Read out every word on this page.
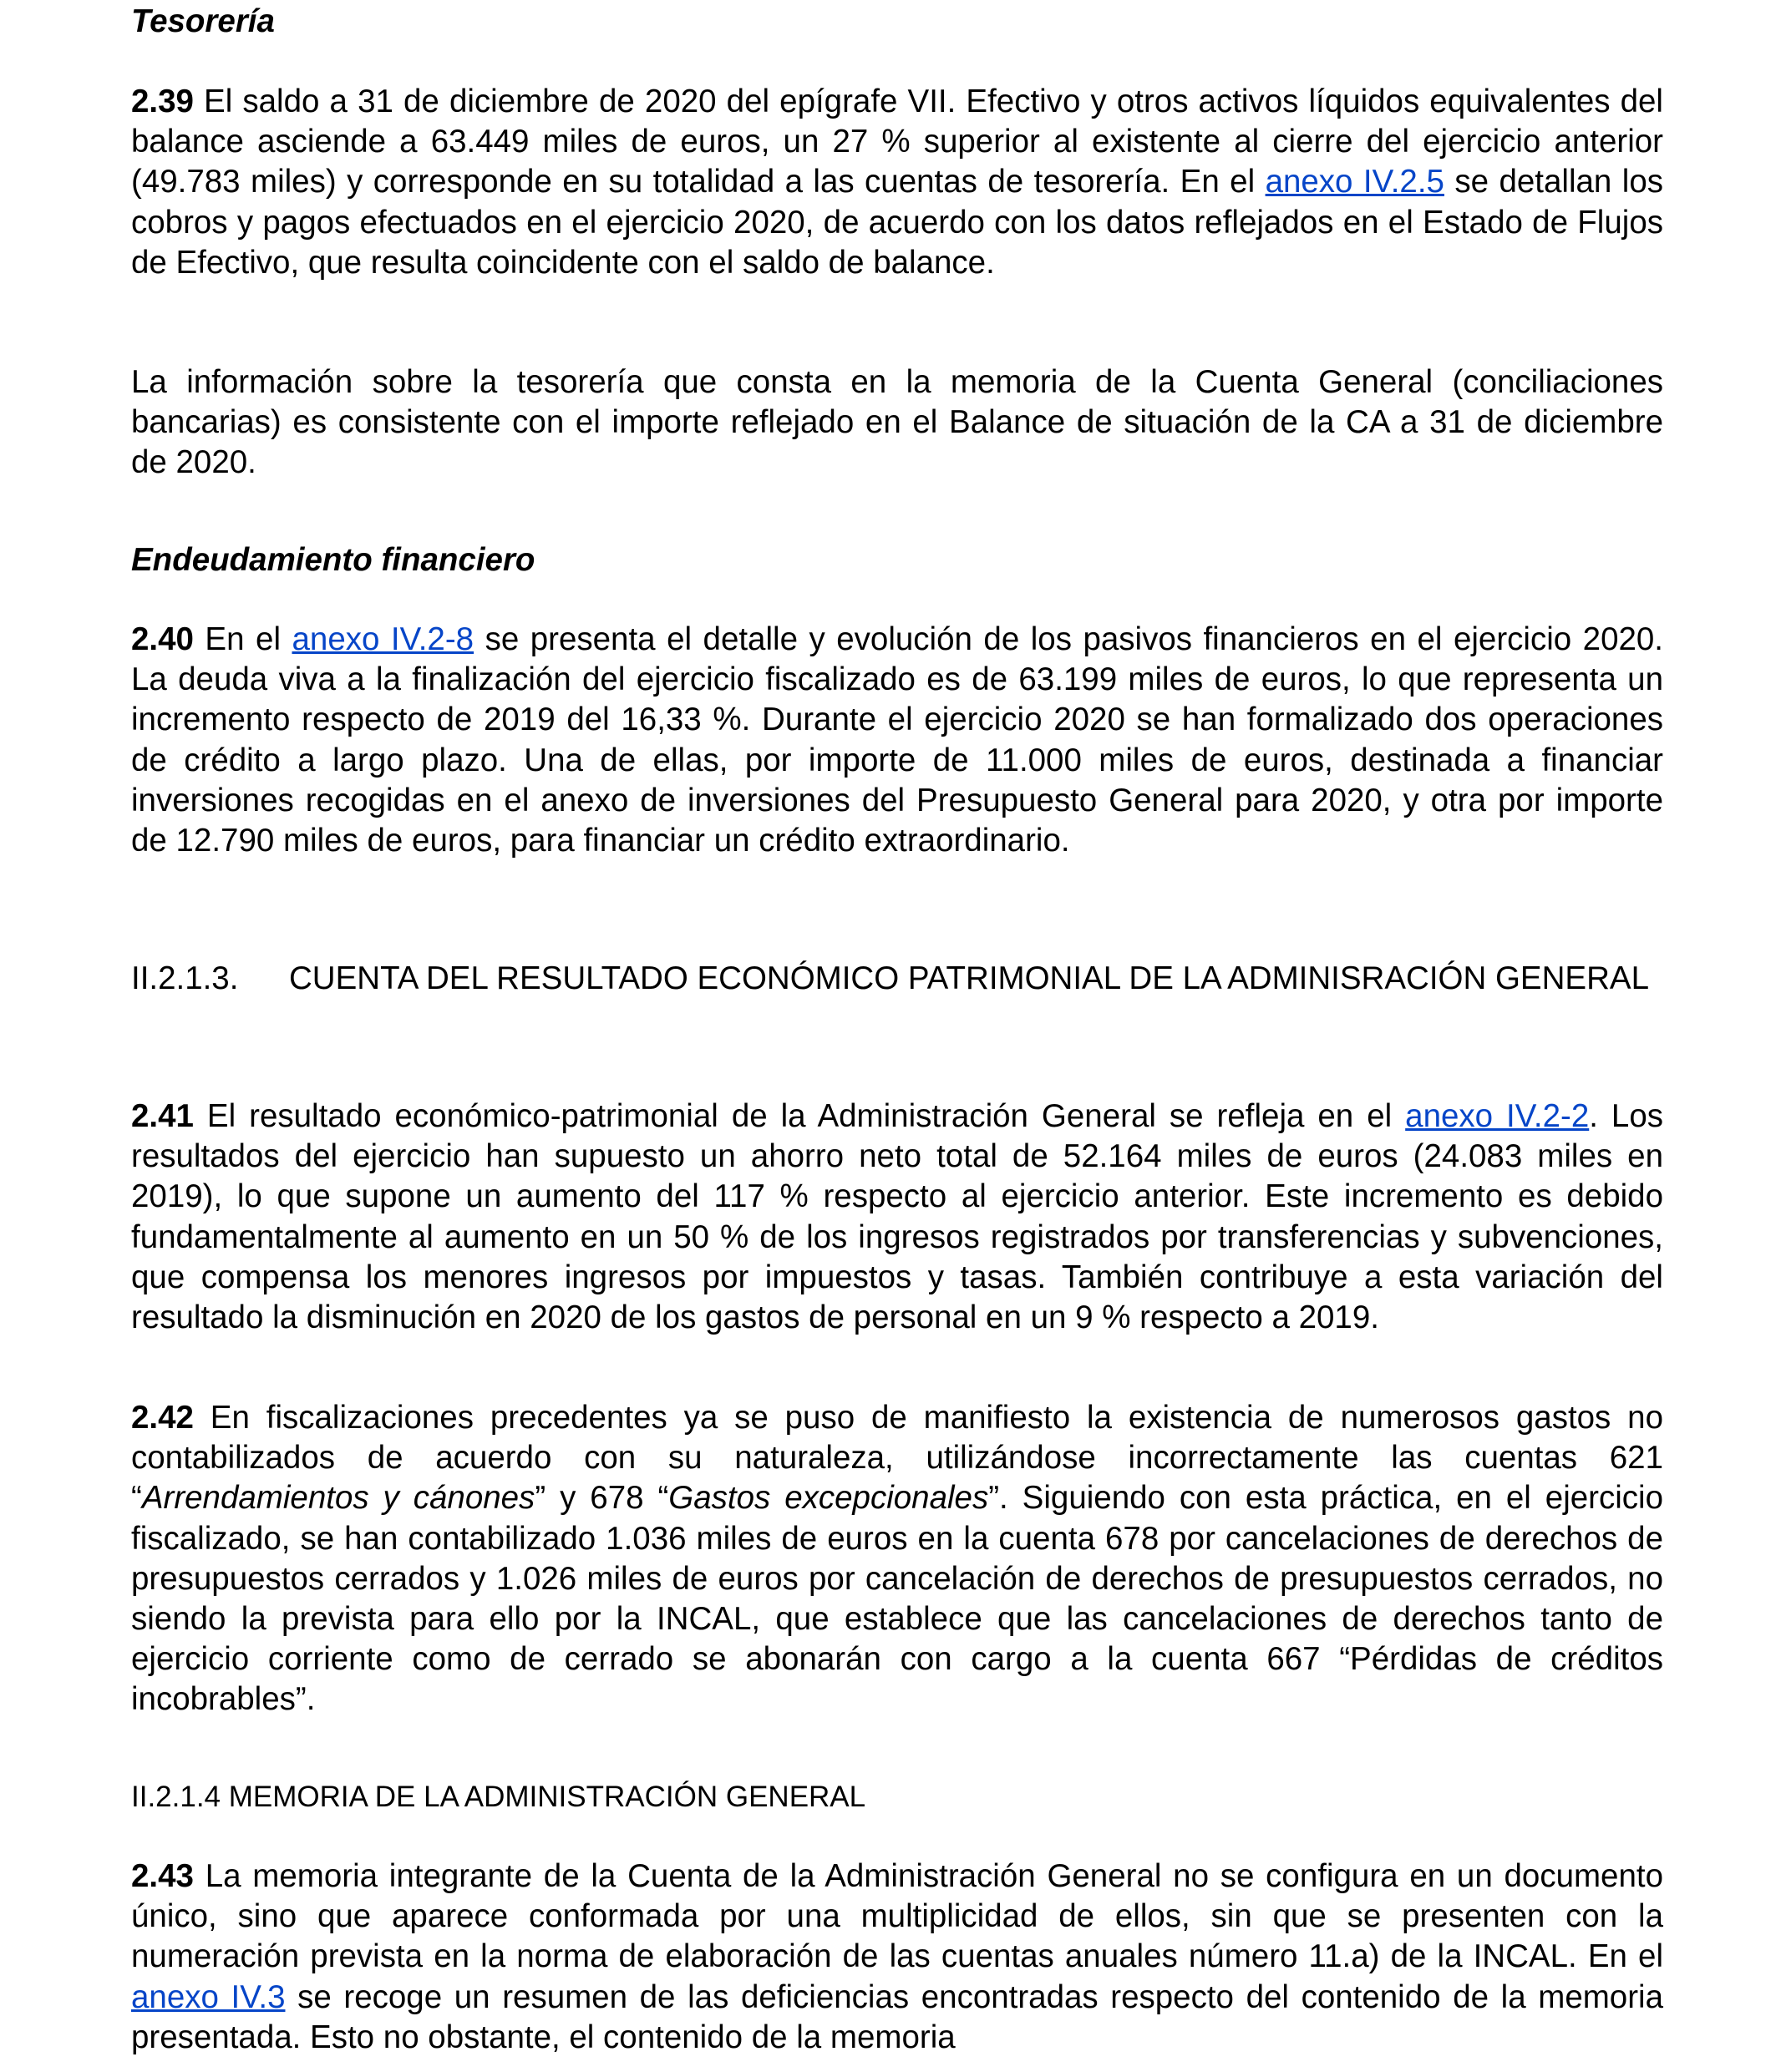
Tesorería

2.39 El saldo a 31 de diciembre de 2020 del epígrafe VII. Efectivo y otros activos líquidos equivalentes del balance asciende a 63.449 miles de euros, un 27 % superior al existente al cierre del ejercicio anterior (49.783 miles) y corresponde en su totalidad a las cuentas de tesorería. En el anexo IV.2.5 se detallan los cobros y pagos efectuados en el ejercicio 2020, de acuerdo con los datos reflejados en el Estado de Flujos de Efectivo, que resulta coincidente con el saldo de balance.

La información sobre la tesorería que consta en la memoria de la Cuenta General (conciliaciones bancarias) es consistente con el importe reflejado en el Balance de situación de la CA a 31 de diciembre de 2020.

Endeudamiento financiero

2.40 En el anexo IV.2-8 se presenta el detalle y evolución de los pasivos financieros en el ejercicio 2020. La deuda viva a la finalización del ejercicio fiscalizado es de 63.199 miles de euros, lo que representa un incremento respecto de 2019 del 16,33 %. Durante el ejercicio 2020 se han formalizado dos operaciones de crédito a largo plazo. Una de ellas, por importe de 11.000 miles de euros, destinada a financiar inversiones recogidas en el anexo de inversiones del Presupuesto General para 2020, y otra por importe de 12.790 miles de euros, para financiar un crédito extraordinario.

II.2.1.3. CUENTA DEL RESULTADO ECONÓMICO PATRIMONIAL DE LA ADMINISRACIÓN GENERAL

2.41 El resultado económico-patrimonial de la Administración General se refleja en el anexo IV.2-2. Los resultados del ejercicio han supuesto un ahorro neto total de 52.164 miles de euros (24.083 miles en 2019), lo que supone un aumento del 117 % respecto al ejercicio anterior. Este incremento es debido fundamentalmente al aumento en un 50 % de los ingresos registrados por transferencias y subvenciones, que compensa los menores ingresos por impuestos y tasas. También contribuye a esta variación del resultado la disminución en 2020 de los gastos de personal en un 9 % respecto a 2019.

2.42 En fiscalizaciones precedentes ya se puso de manifiesto la existencia de numerosos gastos no contabilizados de acuerdo con su naturaleza, utilizándose incorrectamente las cuentas 621 “Arrendamientos y cánones” y 678 “Gastos excepcionales”. Siguiendo con esta práctica, en el ejercicio fiscalizado, se han contabilizado 1.036 miles de euros en la cuenta 678 por cancelaciones de derechos de presupuestos cerrados y 1.026 miles de euros por cancelación de derechos de presupuestos cerrados, no siendo la prevista para ello por la INCAL, que establece que las cancelaciones de derechos tanto de ejercicio corriente como de cerrado se abonarán con cargo a la cuenta 667 “Pérdidas de créditos incobrables”.

II.2.1.4 MEMORIA DE LA ADMINISTRACIÓN GENERAL

2.43 La memoria integrante de la Cuenta de la Administración General no se configura en un documento único, sino que aparece conformada por una multiplicidad de ellos, sin que se presenten con la numeración prevista en la norma de elaboración de las cuentas anuales número 11.a) de la INCAL. En el anexo IV.3 se recoge un resumen de las deficiencias encontradas respecto del contenido de la memoria presentada. Esto no obstante, el contenido de la memoria
